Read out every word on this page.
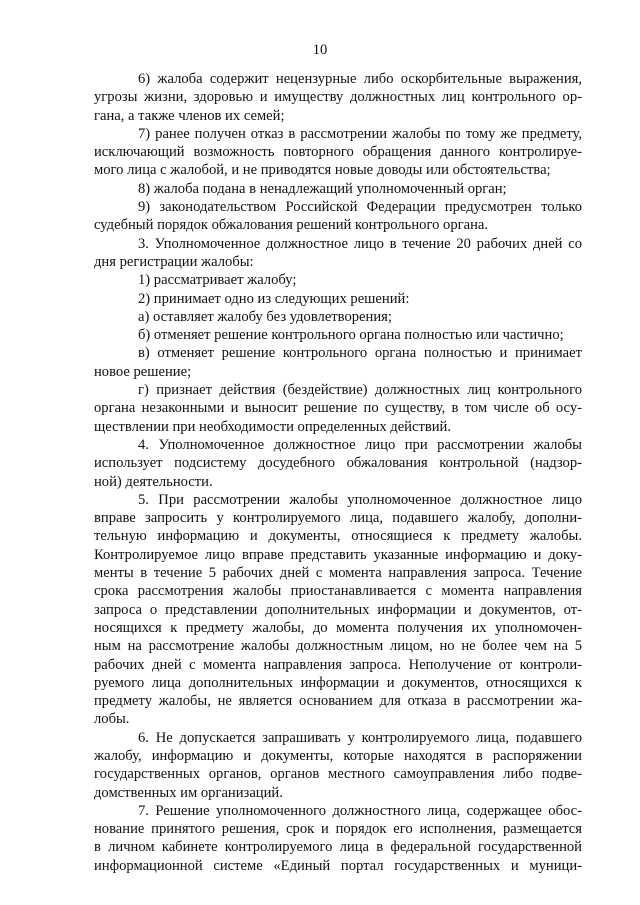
10
6) жалоба содержит нецензурные либо оскорбительные выражения,
угрозы жизни, здоровью и имуществу должностных лиц контрольного ор-
гана, а также членов их семей;
7) ранее получен отказ в рассмотрении жалобы по тому же предмету,
исключающий возможность повторного обращения данного контролируе-
мого лица с жалобой, и не приводятся новые доводы или обстоятельства;
8) жалоба подана в ненадлежащий уполномоченный орган;
9) законодательством Российской Федерации предусмотрен только
судебный порядок обжалования решений контрольного органа.
3. Уполномоченное должностное лицо в течение 20 рабочих дней со
дня регистрации жалобы:
1) рассматривает жалобу;
2) принимает одно из следующих решений:
а) оставляет жалобу без удовлетворения;
б) отменяет решение контрольного органа полностью или частично;
в) отменяет решение контрольного органа полностью и принимает
новое решение;
г) признает действия (бездействие) должностных лиц контрольного
органа незаконными и выносит решение по существу, в том числе об осу-
ществлении при необходимости определенных действий.
4. Уполномоченное должностное лицо при рассмотрении жалобы
использует подсистему досудебного обжалования контрольной (надзор-
ной) деятельности.
5. При рассмотрении жалобы уполномоченное должностное лицо
вправе запросить у контролируемого лица, подавшего жалобу, дополни-
тельную информацию и документы, относящиеся к предмету жалобы.
Контролируемое лицо вправе представить указанные информацию и доку-
менты в течение 5 рабочих дней с момента направления запроса. Течение
срока рассмотрения жалобы приостанавливается с момента направления
запроса о представлении дополнительных информации и документов, от-
носящихся к предмету жалобы, до момента получения их уполномочен-
ным на рассмотрение жалобы должностным лицом, но не более чем на 5
рабочих дней с момента направления запроса. Неполучение от контроли-
руемого лица дополнительных информации и документов, относящихся к
предмету жалобы, не является основанием для отказа в рассмотрении жа-
лобы.
6. Не допускается запрашивать у контролируемого лица, подавшего
жалобу, информацию и документы, которые находятся в распоряжении
государственных органов, органов местного самоуправления либо подве-
домственных им организаций.
7. Решение уполномоченного должностного лица, содержащее обос-
нование принятого решения, срок и порядок его исполнения, размещается
в личном кабинете контролируемого лица в федеральной государственной
информационной системе «Единый портал государственных и муници-
